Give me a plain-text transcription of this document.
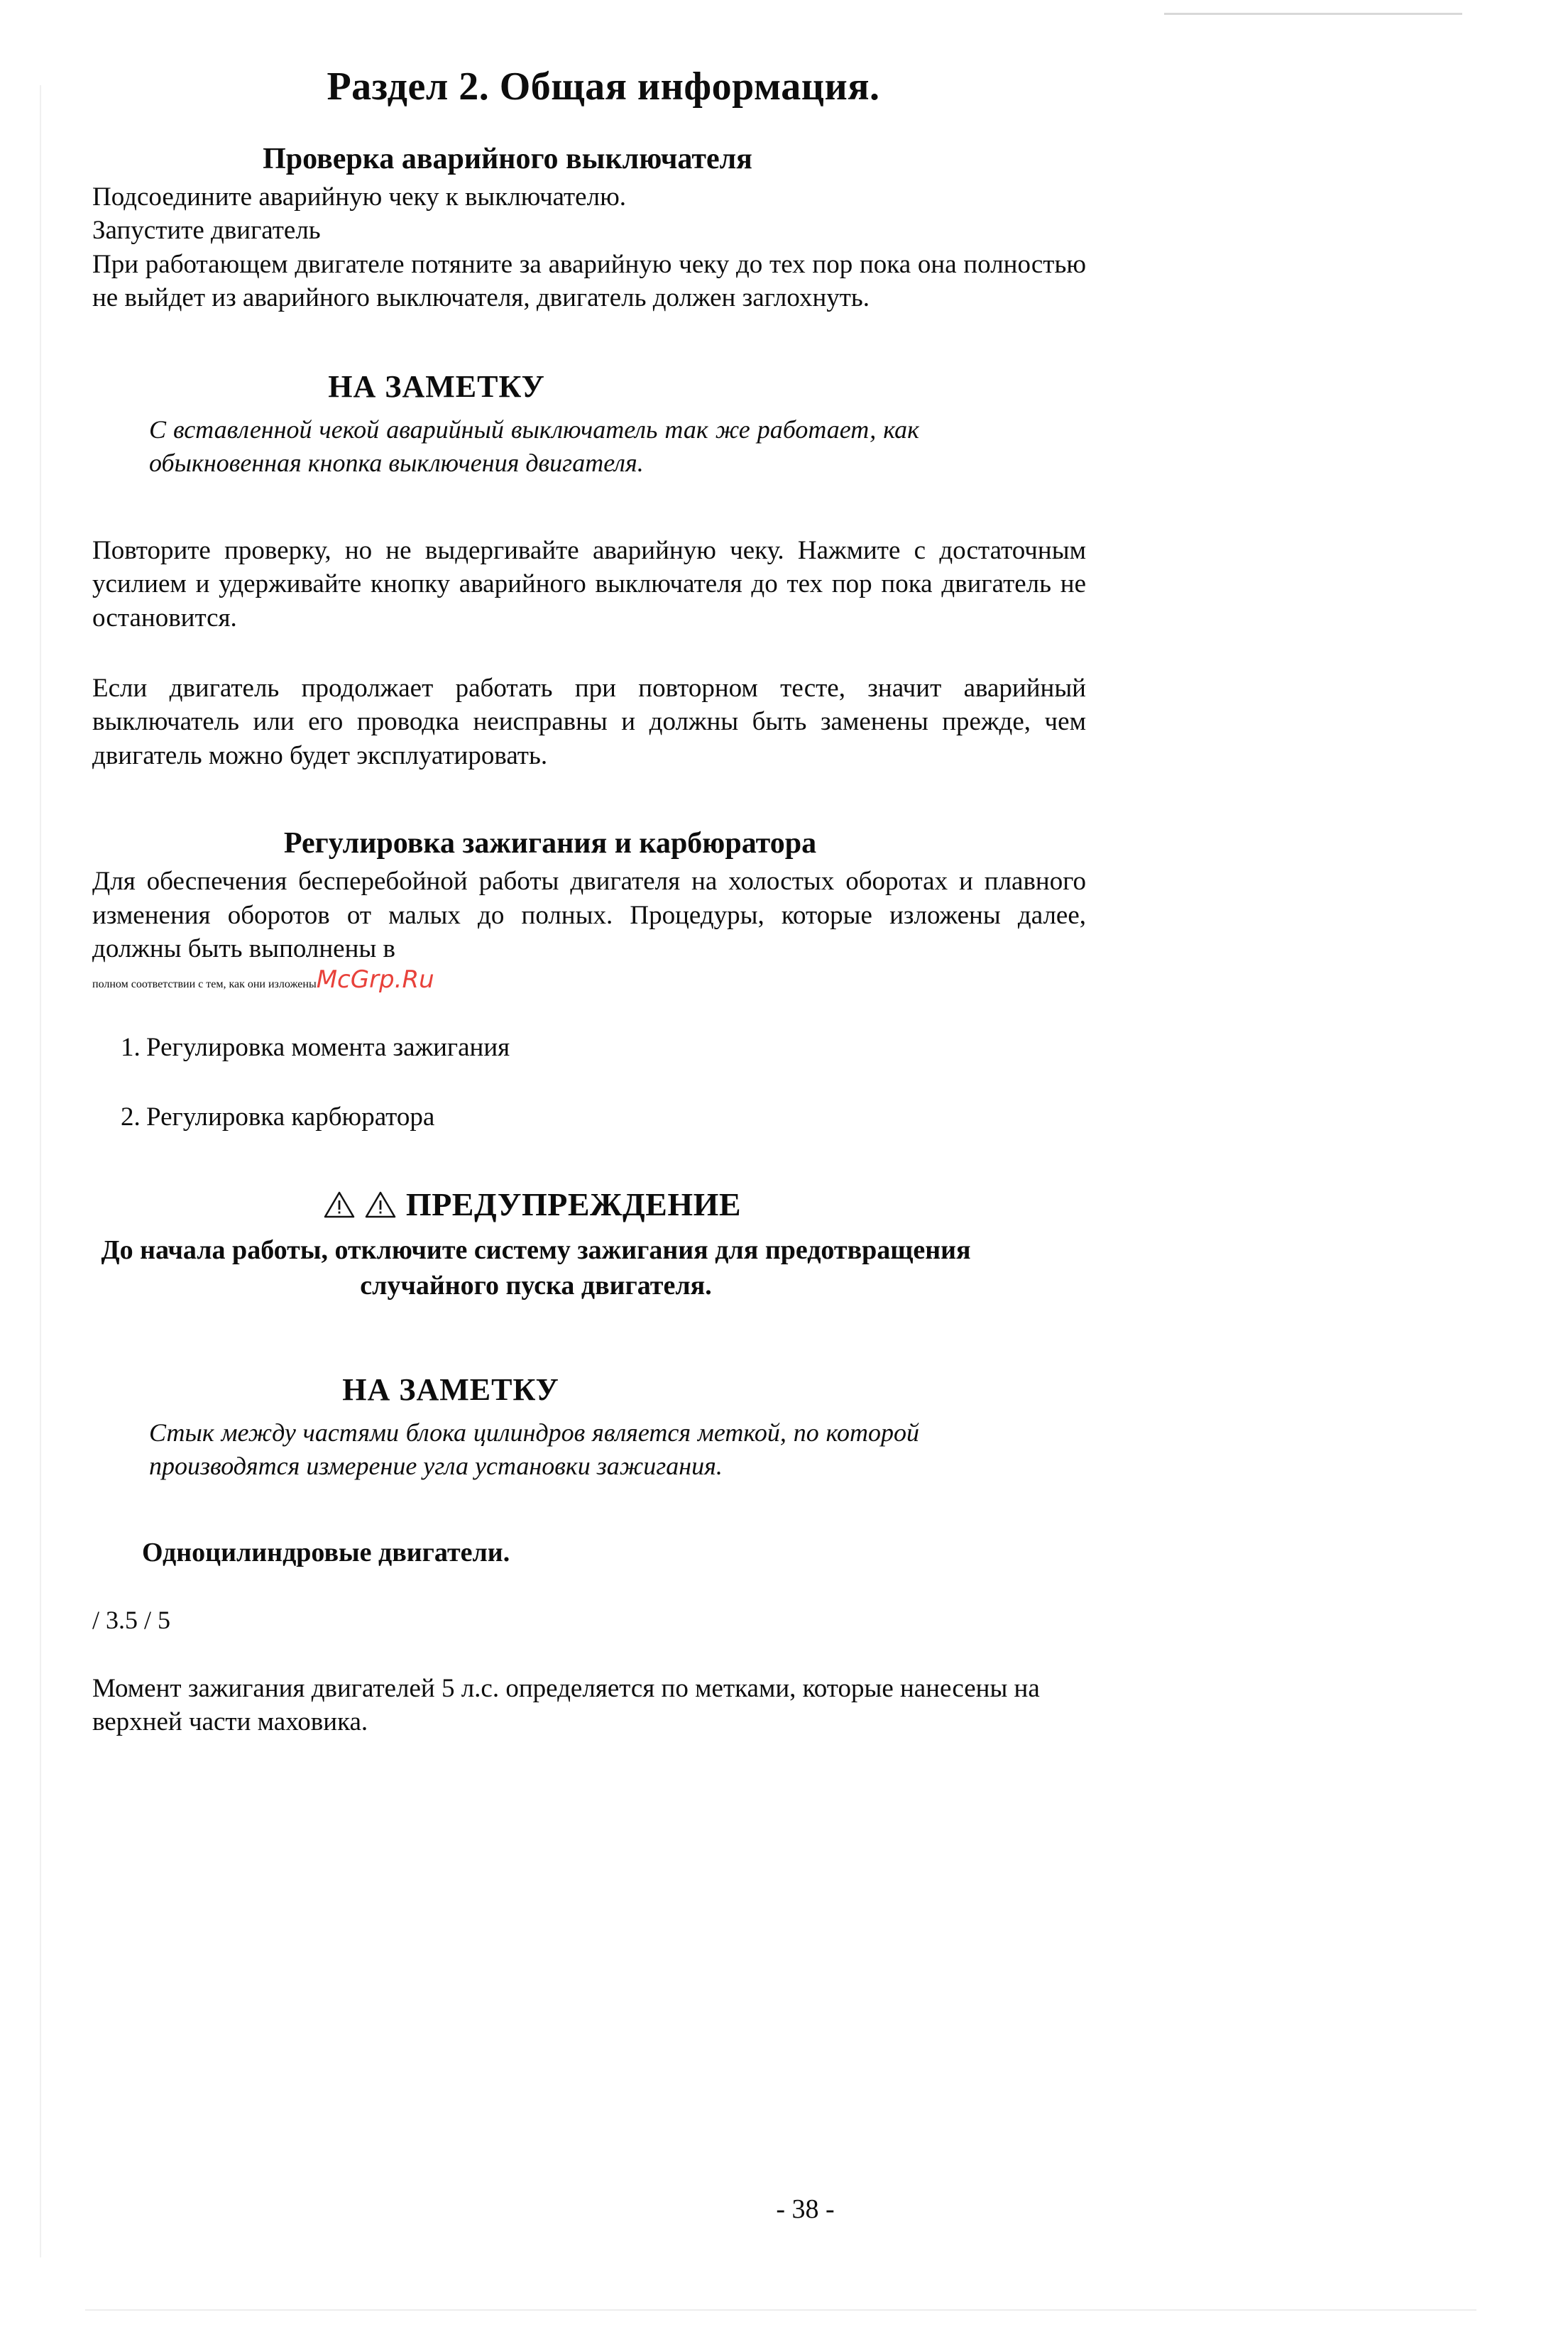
Раздел 2. Общая информация.
Проверка аварийного выключателя

Подсоедините аварийную чеку к выключателю.

Запустите двигатель

При работающем двигателе потяните за аварийную чеку до тех пор пока она полностью не выйдет из аварийного выключателя, двигатель должен заглохнуть.

НА ЗАМЕТКУ

С вставленной чекой аварийный выключатель так же работает, как обыкновенная кнопка выключения двигателя.

Повторите проверку, но не выдергивайте аварийную чеку. Нажмите с достаточным усилием и удерживайте кнопку аварийного выключателя до тех пор пока двигатель не остановится.

Если двигатель продолжает работать при повторном тесте, значит аварийный выключатель или его проводка неисправны и должны быть заменены прежде, чем двигатель можно будет эксплуатировать.

Регулировка зажигания и карбюратора

Для обеспечения бесперебойной работы двигателя на холостых оборотах и плавного изменения оборотов от малых до полных. Процедуры, которые изложены далее, должны быть выполнены в

полном соответствии с тем, как они изложены McGrp.Ru
1. Регулировка момента зажигания
2. Регулировка карбюратора
ПРЕДУПРЕЖДЕНИЕ

До начала работы, отключите систему зажигания для предотвращения случайного пуска двигателя.

НА ЗАМЕТКУ

Стык между частями блока цилиндров является меткой, по которой производятся измерение угла установки зажигания.

Одноцилиндровые двигатели.

/ 3.5 / 5

Момент зажигания двигателей 5 л.с. определяется по метками, которые нанесены на верхней части маховика.

- 38 -
